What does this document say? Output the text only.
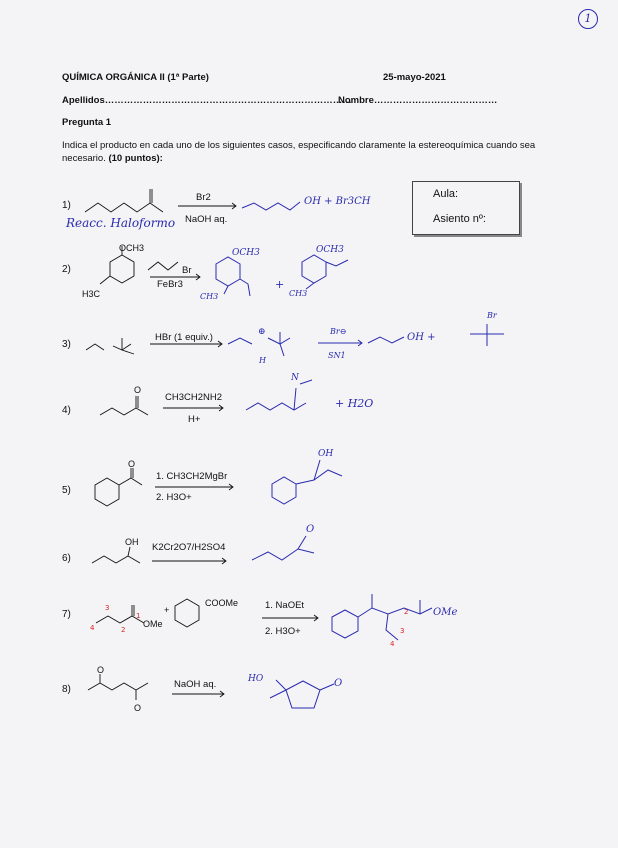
1
QUÍMICA ORGÁNICA II (1ª Parte)	25-mayo-2021
Apellidos……………………………………………………………………
Nombre…………………………………
Pregunta 1
Indica el producto en cada uno de los siguientes casos, especificando claramente la estereoquímica cuando sea necesario. (10 puntos):
Aula:
Asiento nº:
1)
2)
3)
4)
5)
6)
7)
8)
Br2
NaOH aq.
Br
FeBr3
OCH3
H3C
HBr (1 equiv.)
CH3CH2NH2
H+
O
1. CH3CH2MgBr
2. H3O+
O
K2Cr2O7/H2SO4
OH
1. NaOEt
2. H3O+
OMe
COOMe
+
NaOH aq.
O
O
Reacc. Haloformo
OH + Br3CH
OCH3	OCH3
CH3	CH3
+
⊕
H
Br⊖
SN1
OH +
Br
N
+ H2O
OH
O
OMe
HO	O
3
2
1
4
2
3
4
